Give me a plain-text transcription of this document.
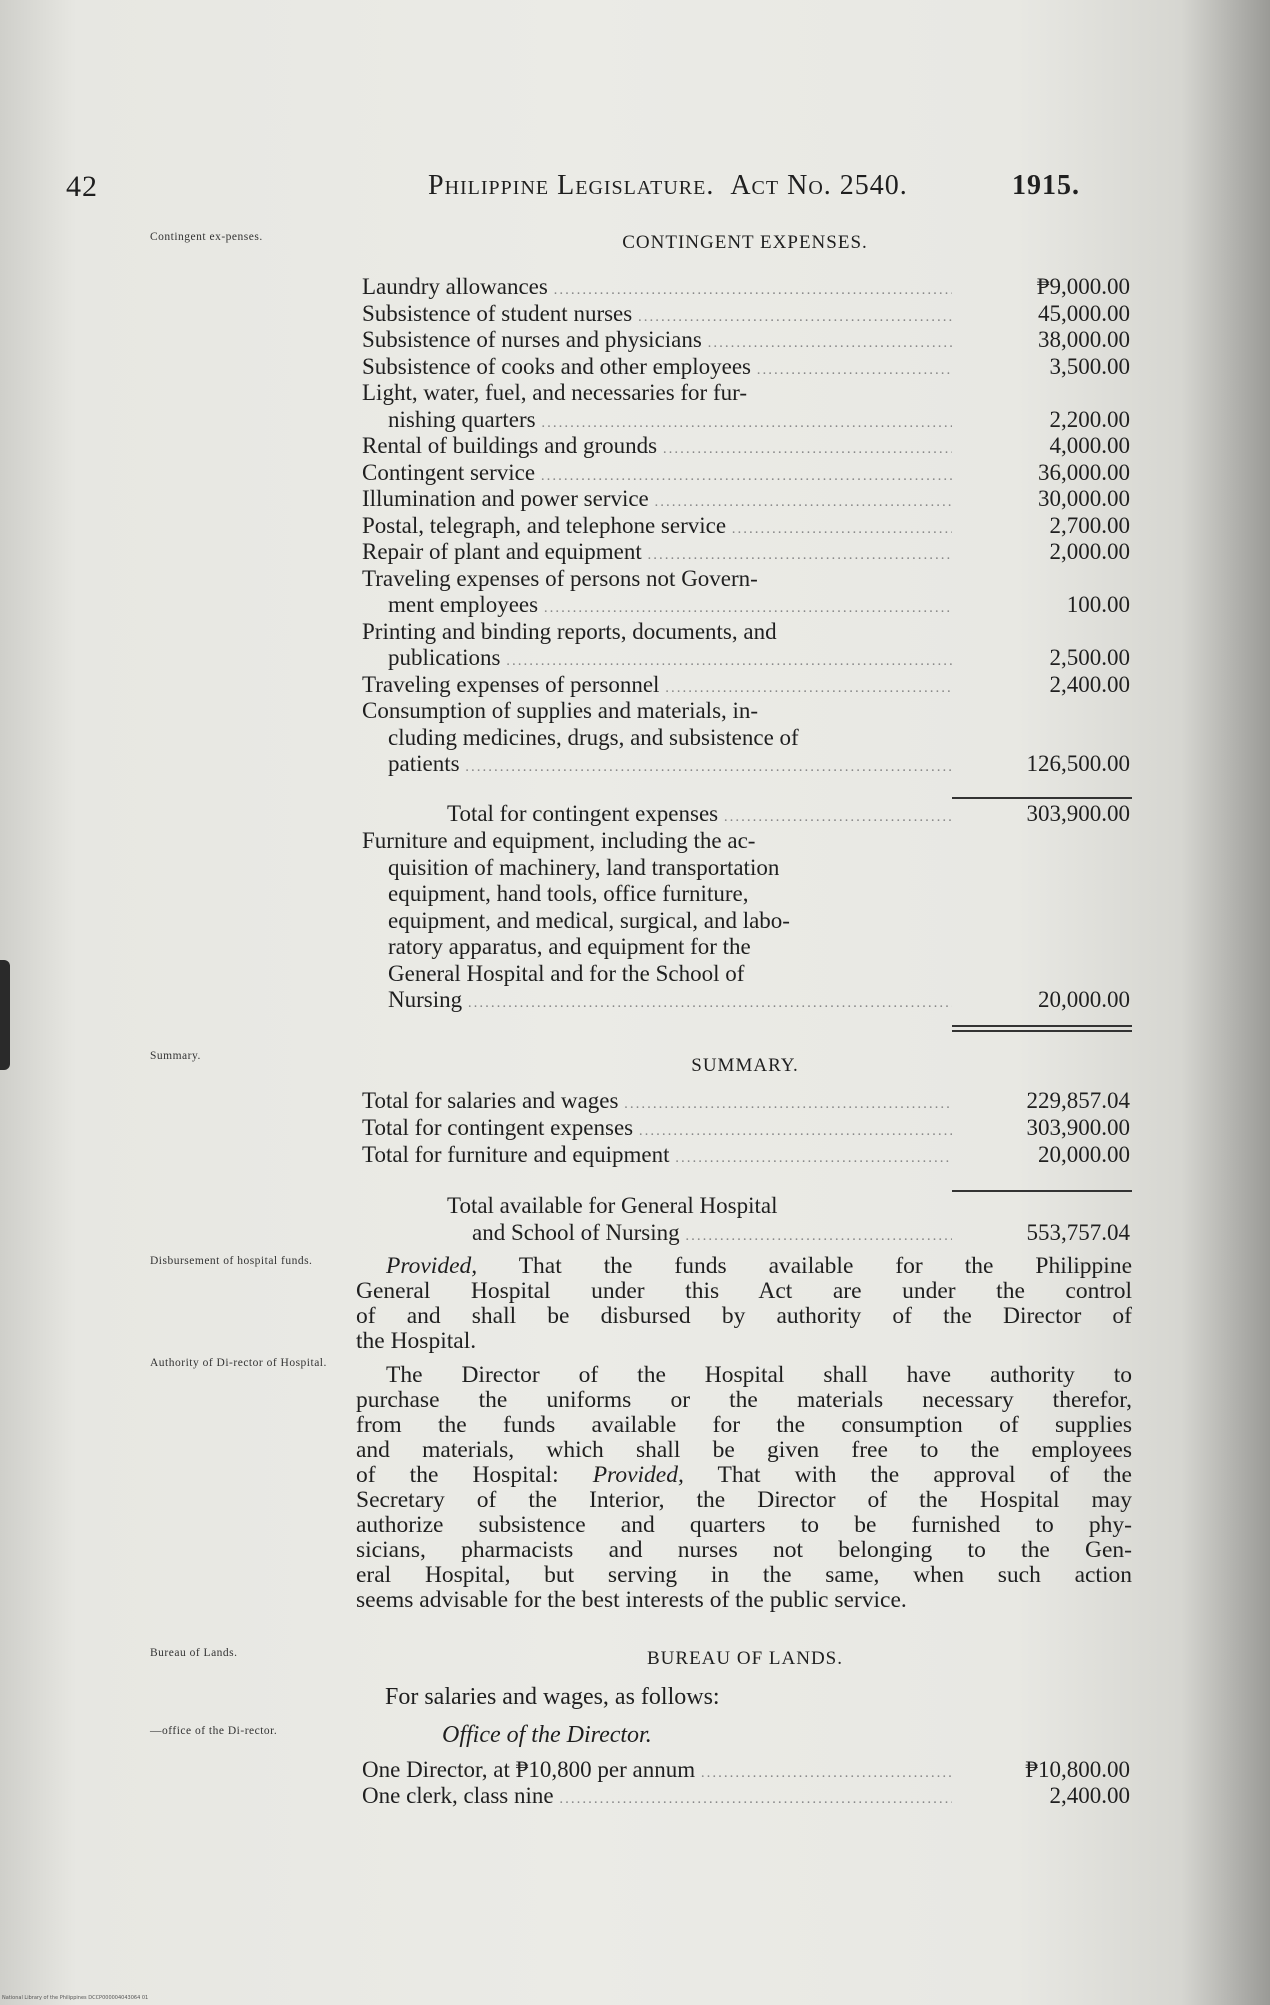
42	Philippine Legislature. Act No. 2540.	1915.
Contingent ex-penses.	CONTINGENT EXPENSES.
Total for contingent expenses .....	303,900.00
Summary.	SUMMARY.
Total available for General Hospital
and School of Nursing .....	553,757.04
Disbursement of hospital funds.	Provided, That the funds available for the Philippine
General Hospital under this Act are under the control
of and shall be disbursed by authority of the Director of
the Hospital.
Authority of Di-rector of Hospital.	The Director of the Hospital shall have authority to
purchase the uniforms or the materials necessary therefor,
from the funds available for the consumption of supplies
and materials, which shall be given free to the employees
of the Hospital: Provided, That with the approval of the
Secretary of the Interior, the Director of the Hospital may
authorize subsistence and quarters to be furnished to phy-
sicians, pharmacists and nurses not belonging to the Gen-
eral Hospital, but serving in the same, when such action
seems advisable for the best interests of the public service.
Bureau of Lands.	BUREAU OF LANDS.
For salaries and wages, as follows:
—office of the Di-rector.	Office of the Director.
One Director, at ₱10,800 per annum .....	₱10,800.00
One clerk, class nine .....	2,400.00
National Library of the Philippines DCCP000004043064 01
Laundry allowances .....	₱9,000.00
Subsistence of student nurses .....	45,000.00
Subsistence of nurses and physicians .....	38,000.00
Subsistence of cooks and other employees .....	3,500.00
Light, water, fuel, and necessaries for fur-
nishing quarters .....	2,200.00
Rental of buildings and grounds .....	4,000.00
Contingent service .....	36,000.00
Illumination and power service .....	30,000.00
Postal, telegraph, and telephone service .....	2,700.00
Repair of plant and equipment .....	2,000.00
Traveling expenses of persons not Govern-
ment employees .....	100.00
Printing and binding reports, documents, and
publications .....	2,500.00
Traveling expenses of personnel .....	2,400.00
Consumption of supplies and materials, in-
cluding medicines, drugs, and subsistence of
patients .....	126,500.00
Furniture and equipment, including the ac-
quisition of machinery, land transportation
equipment, hand tools, office furniture,
equipment, and medical, surgical, and labo-
ratory apparatus, and equipment for the
General Hospital and for the School of
Nursing .....	20,000.00
Total for salaries and wages .....	229,857.04
Total for contingent expenses .....	303,900.00
Total for furniture and equipment .....	20,000.00
